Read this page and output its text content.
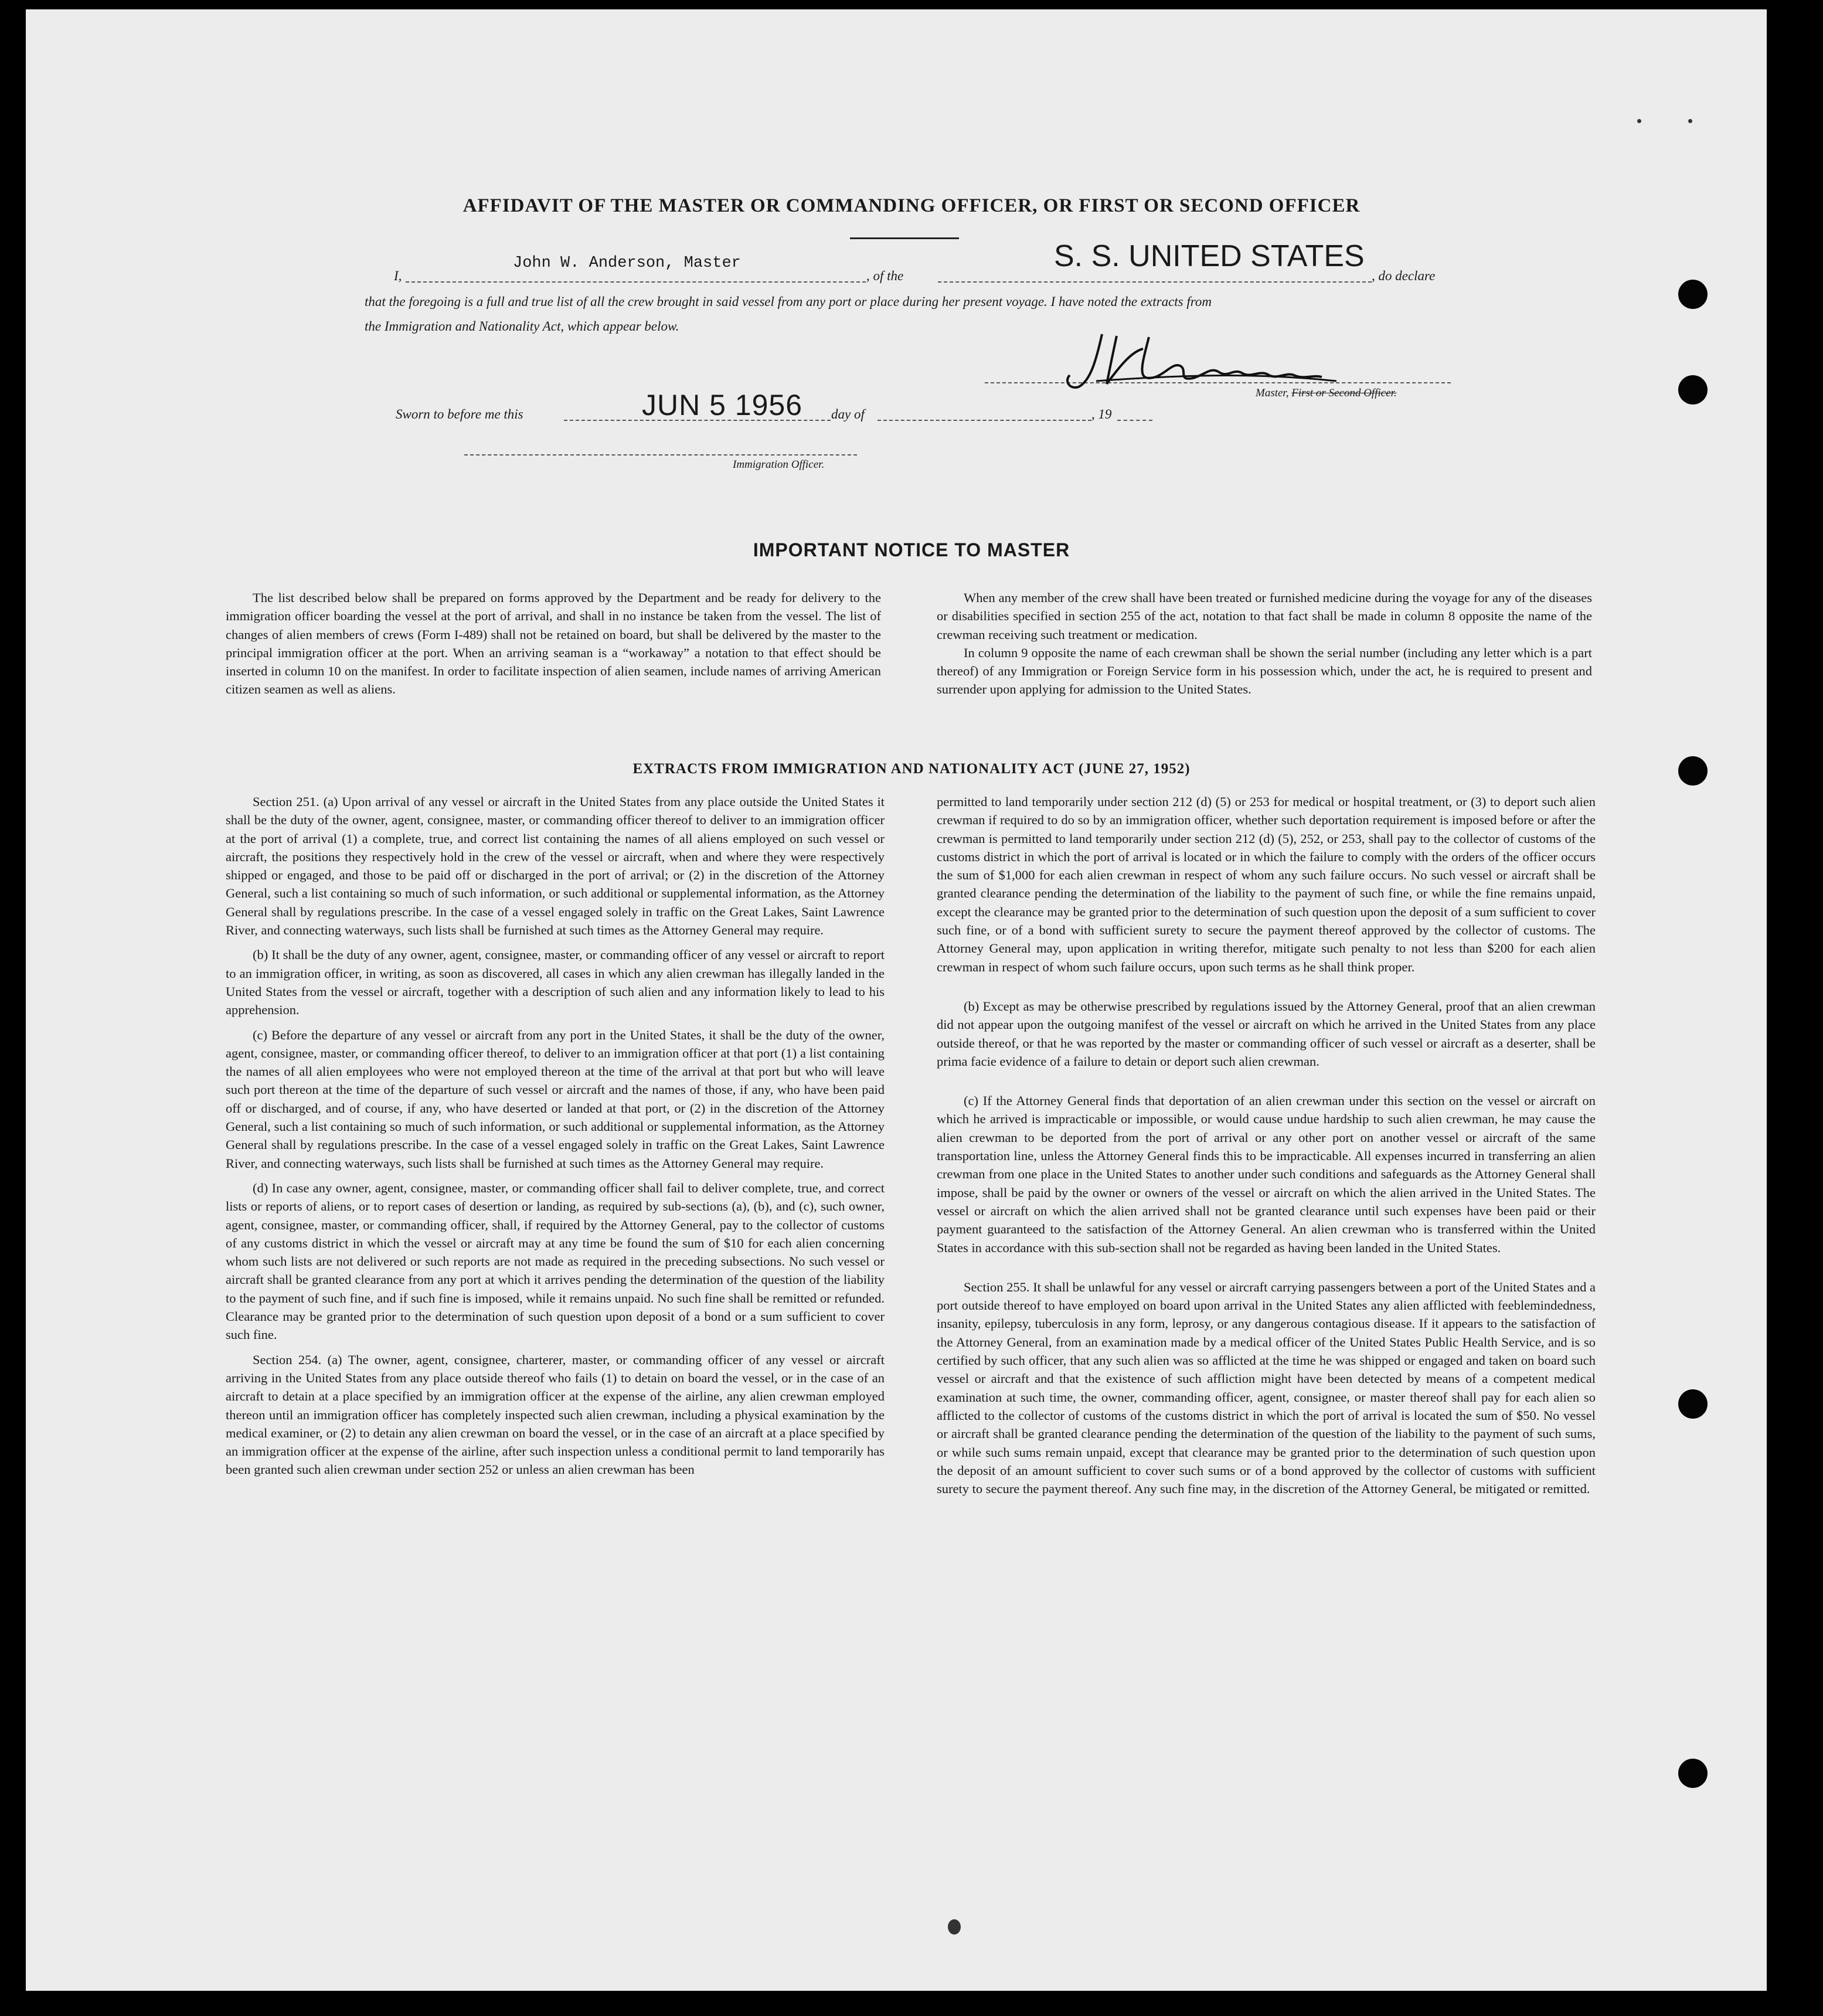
AFFIDAVIT OF THE MASTER OR COMMANDING OFFICER, OR FIRST OR SECOND OFFICER
I,
John W. Anderson, Master
, of the
S. S. UNITED STATES
, do declare
that the foregoing is a full and true list of all the crew brought in said vessel from any port or place during her present voyage. I have noted the extracts from
the Immigration and Nationality Act, which appear below.
Master, First or Second Officer.
Sworn to before me this	JUN 5 1956 day of	, 19
Immigration Officer.
IMPORTANT NOTICE TO MASTER

The list described below shall be prepared on forms approved by the Department and be ready for delivery to the immigration officer boarding the vessel at the port of arrival, and shall in no instance be taken from the vessel. The list of changes of alien members of crews (Form I-489) shall not be retained on board, but shall be delivered by the master to the principal immigration officer at the port. When an arriving seaman is a “workaway” a notation to that effect should be inserted in column 10 on the manifest. In order to facilitate inspection of alien seamen, include names of arriving American citizen seamen as well as aliens.

When any member of the crew shall have been treated or furnished medicine during the voyage for any of the diseases or disabilities specified in section 255 of the act, notation to that fact shall be made in column 8 opposite the name of the crewman receiving such treatment or medication.

In column 9 opposite the name of each crewman shall be shown the serial number (including any letter which is a part thereof) of any Immigration or Foreign Service form in his possession which, under the act, he is required to present and surrender upon applying for admission to the United States.

EXTRACTS FROM IMMIGRATION AND NATIONALITY ACT (JUNE 27, 1952)

Section 251. (a) Upon arrival of any vessel or aircraft in the United States from any place outside the United States it shall be the duty of the owner, agent, consignee, master, or commanding officer thereof to deliver to an immigration officer at the port of arrival (1) a complete, true, and correct list containing the names of all aliens employed on such vessel or aircraft, the positions they respectively hold in the crew of the vessel or aircraft, when and where they were respectively shipped or engaged, and those to be paid off or discharged in the port of arrival; or (2) in the discretion of the Attorney General, such a list containing so much of such information, or such additional or supplemental information, as the Attorney General shall by regulations prescribe. In the case of a vessel engaged solely in traffic on the Great Lakes, Saint Lawrence River, and connecting waterways, such lists shall be furnished at such times as the Attorney General may require.

(b) It shall be the duty of any owner, agent, consignee, master, or commanding officer of any vessel or aircraft to report to an immigration officer, in writing, as soon as discovered, all cases in which any alien crewman has illegally landed in the United States from the vessel or aircraft, together with a description of such alien and any information likely to lead to his apprehension.

(c) Before the departure of any vessel or aircraft from any port in the United States, it shall be the duty of the owner, agent, consignee, master, or commanding officer thereof, to deliver to an immigration officer at that port (1) a list containing the names of all alien employees who were not employed thereon at the time of the arrival at that port but who will leave such port thereon at the time of the departure of such vessel or aircraft and the names of those, if any, who have been paid off or discharged, and of course, if any, who have deserted or landed at that port, or (2) in the discretion of the Attorney General, such a list containing so much of such information, or such additional or supplemental information, as the Attorney General shall by regulations prescribe. In the case of a vessel engaged solely in traffic on the Great Lakes, Saint Lawrence River, and connecting waterways, such lists shall be furnished at such times as the Attorney General may require.

(d) In case any owner, agent, consignee, master, or commanding officer shall fail to deliver complete, true, and correct lists or reports of aliens, or to report cases of desertion or landing, as required by sub-sections (a), (b), and (c), such owner, agent, consignee, master, or commanding officer, shall, if required by the Attorney General, pay to the collector of customs of any customs district in which the vessel or aircraft may at any time be found the sum of $10 for each alien concerning whom such lists are not delivered or such reports are not made as required in the preceding subsections. No such vessel or aircraft shall be granted clearance from any port at which it arrives pending the determination of the question of the liability to the payment of such fine, and if such fine is imposed, while it remains unpaid. No such fine shall be remitted or refunded. Clearance may be granted prior to the determination of such question upon deposit of a bond or a sum sufficient to cover such fine.

Section 254. (a) The owner, agent, consignee, charterer, master, or commanding officer of any vessel or aircraft arriving in the United States from any place outside thereof who fails (1) to detain on board the vessel, or in the case of an aircraft to detain at a place specified by an immigration officer at the expense of the airline, any alien crewman employed thereon until an immigration officer has completely inspected such alien crewman, including a physical examination by the medical examiner, or (2) to detain any alien crewman on board the vessel, or in the case of an aircraft at a place specified by an immigration officer at the expense of the airline, after such inspection unless a conditional permit to land temporarily has been granted such alien crewman under section 252 or unless an alien crewman has been

permitted to land temporarily under section 212 (d) (5) or 253 for medical or hospital treatment, or (3) to deport such alien crewman if required to do so by an immigration officer, whether such deportation requirement is imposed before or after the crewman is permitted to land temporarily under section 212 (d) (5), 252, or 253, shall pay to the collector of customs of the customs district in which the port of arrival is located or in which the failure to comply with the orders of the officer occurs the sum of $1,000 for each alien crewman in respect of whom any such failure occurs. No such vessel or aircraft shall be granted clearance pending the determination of the liability to the payment of such fine, or while the fine remains unpaid, except the clearance may be granted prior to the determination of such question upon the deposit of a sum sufficient to cover such fine, or of a bond with sufficient surety to secure the payment thereof approved by the collector of customs. The Attorney General may, upon application in writing therefor, mitigate such penalty to not less than $200 for each alien crewman in respect of whom such failure occurs, upon such terms as he shall think proper.

(b) Except as may be otherwise prescribed by regulations issued by the Attorney General, proof that an alien crewman did not appear upon the outgoing manifest of the vessel or aircraft on which he arrived in the United States from any place outside thereof, or that he was reported by the master or commanding officer of such vessel or aircraft as a deserter, shall be prima facie evidence of a failure to detain or deport such alien crewman.

(c) If the Attorney General finds that deportation of an alien crewman under this section on the vessel or aircraft on which he arrived is impracticable or impossible, or would cause undue hardship to such alien crewman, he may cause the alien crewman to be deported from the port of arrival or any other port on another vessel or aircraft of the same transportation line, unless the Attorney General finds this to be impracticable. All expenses incurred in transferring an alien crewman from one place in the United States to another under such conditions and safeguards as the Attorney General shall impose, shall be paid by the owner or owners of the vessel or aircraft on which the alien arrived in the United States. The vessel or aircraft on which the alien arrived shall not be granted clearance until such expenses have been paid or their payment guaranteed to the satisfaction of the Attorney General. An alien crewman who is transferred within the United States in accordance with this sub-section shall not be regarded as having been landed in the United States.

Section 255. It shall be unlawful for any vessel or aircraft carrying passengers between a port of the United States and a port outside thereof to have employed on board upon arrival in the United States any alien afflicted with feeblemindedness, insanity, epilepsy, tuberculosis in any form, leprosy, or any dangerous contagious disease. If it appears to the satisfaction of the Attorney General, from an examination made by a medical officer of the United States Public Health Service, and is so certified by such officer, that any such alien was so afflicted at the time he was shipped or engaged and taken on board such vessel or aircraft and that the existence of such affliction might have been detected by means of a competent medical examination at such time, the owner, commanding officer, agent, consignee, or master thereof shall pay for each alien so afflicted to the collector of customs of the customs district in which the port of arrival is located the sum of $50. No vessel or aircraft shall be granted clearance pending the determination of the question of the liability to the payment of such sums, or while such sums remain unpaid, except that clearance may be granted prior to the determination of such question upon the deposit of an amount sufficient to cover such sums or of a bond approved by the collector of customs with sufficient surety to secure the payment thereof. Any such fine may, in the discretion of the Attorney General, be mitigated or remitted.
